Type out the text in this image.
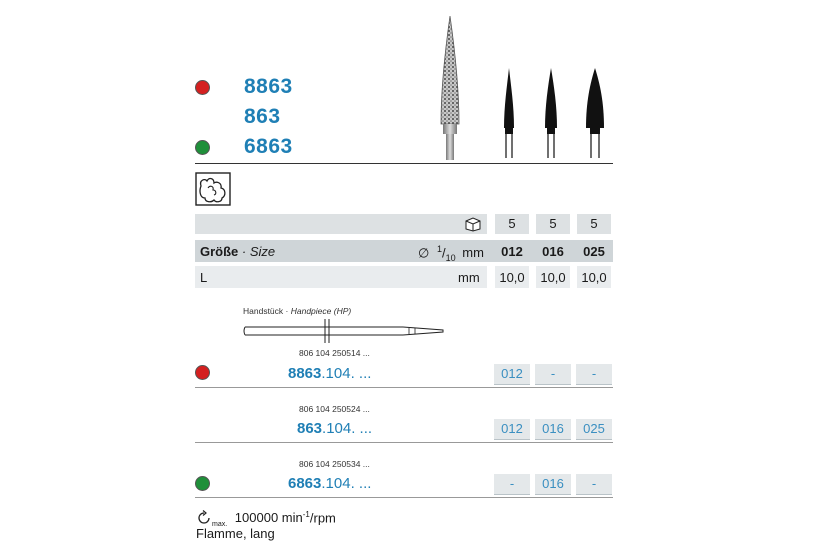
8863
863
6863
5	5	5
Größe · Size	∅ $^1/_{10}$ mm	012	016	025
L	mm	10,0	10,0	10,0
Handstück · Handpiece (HP)
806 104 250514 ...
8863.104. ...	012	-	-
806 104 250524 ...
863.104. ...	012	016	025
806 104 250534 ...
6863.104. ...	-	016	-
$_{max.}$ 100000 $\min^{-1}$/rpm
Flamme, lang
